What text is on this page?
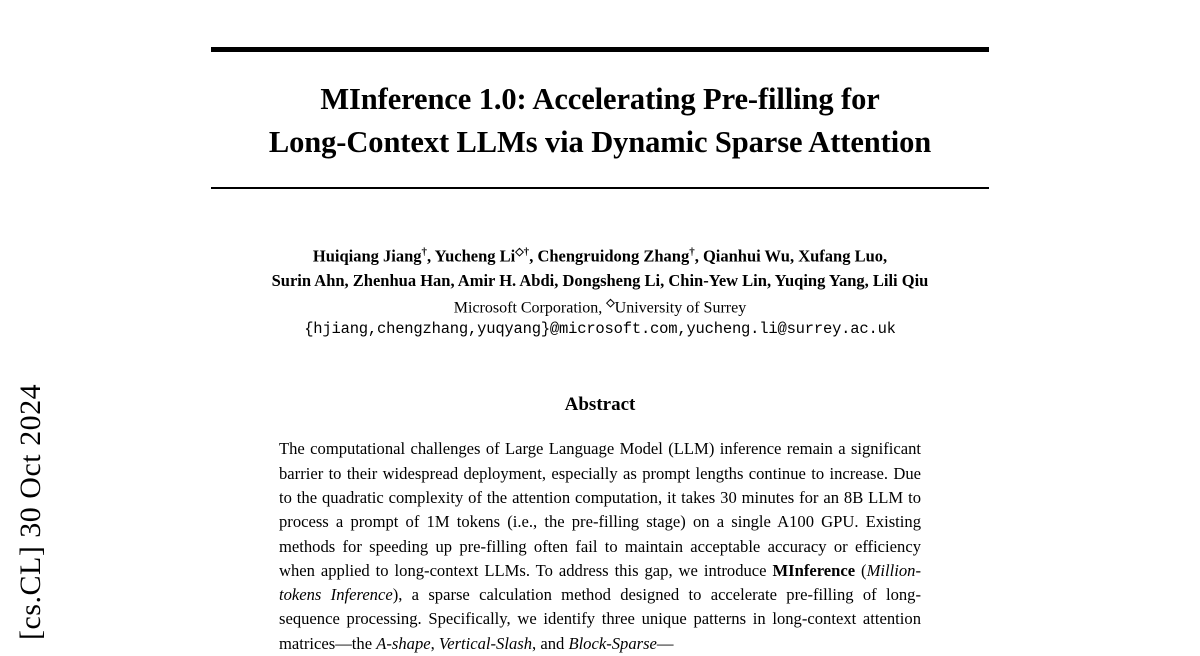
[cs.CL] 30 Oct 2024
MInference 1.0: Accelerating Pre-filling for
Long-Context LLMs via Dynamic Sparse Attention
Huiqiang Jiang†, Yucheng Li◇†, Chengruidong Zhang†, Qianhui Wu, Xufang Luo,
Surin Ahn, Zhenhua Han, Amir H. Abdi, Dongsheng Li, Chin-Yew Lin, Yuqing Yang, Lili Qiu
Microsoft Corporation, ◇University of Surrey
{hjiang,chengzhang,yuqyang}@microsoft.com,yucheng.li@surrey.ac.uk
Abstract

The computational challenges of Large Language Model (LLM) inference remain a significant barrier to their widespread deployment, especially as prompt lengths continue to increase. Due to the quadratic complexity of the attention computation, it takes 30 minutes for an 8B LLM to process a prompt of 1M tokens (i.e., the pre-filling stage) on a single A100 GPU. Existing methods for speeding up pre-filling often fail to maintain acceptable accuracy or efficiency when applied to long-context LLMs. To address this gap, we introduce MInference (Million-tokens Inference), a sparse calculation method designed to accelerate pre-filling of long-sequence processing. Specifically, we identify three unique patterns in long-context attention matrices—the A-shape, Vertical-Slash, and Block-Sparse—
